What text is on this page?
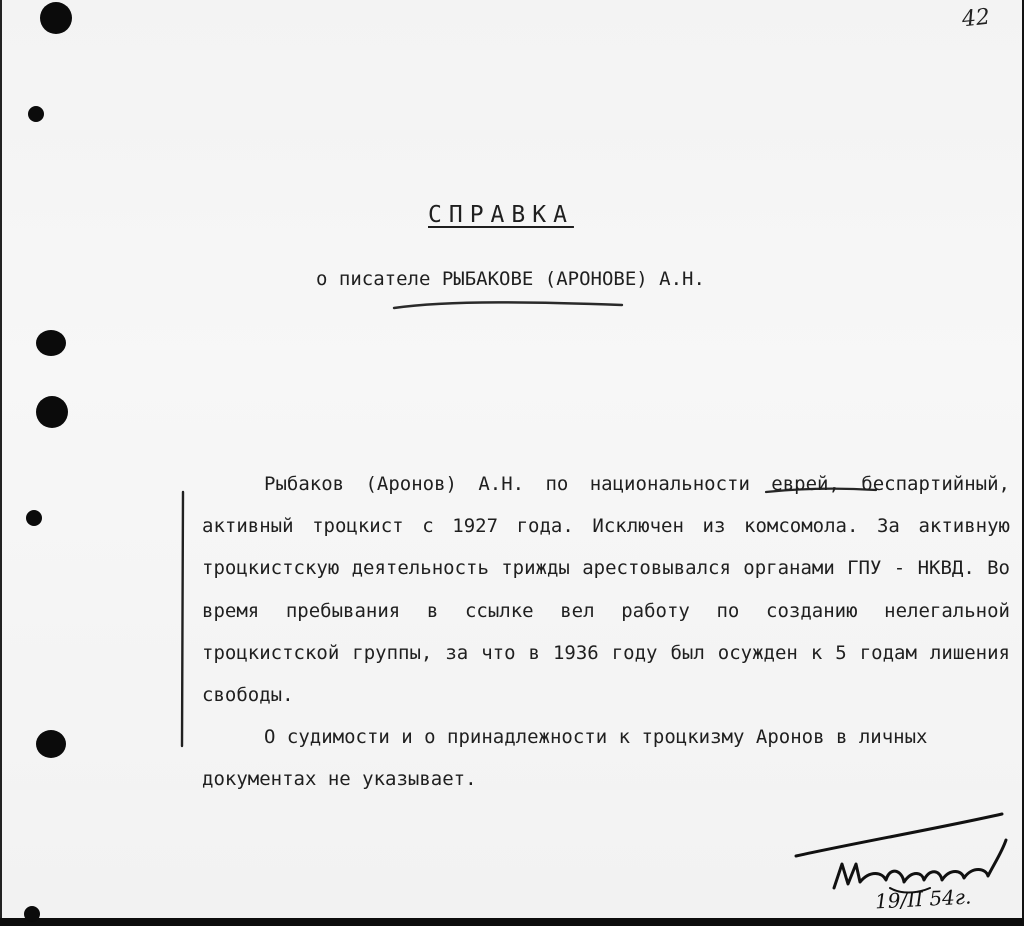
42
СПРАВКА
о писателе РЫБАКОВЕ (АРОНОВЕ) А.Н.

Рыбаков (Аронов) А.Н. по национальности еврей, беспартийный, активный троцкист с 1927 года. Исключен из комсомола. За активную троцкистскую деятельность трижды арестовывался органами ГПУ - НКВД. Во время пребывания в ссылке вел работу по созданию нелегальной троцкистской группы, за что в 1936 году был осужден к 5 годам лишения свободы.

О судимости и о принадлежности к троцкизму Аронов в личных документах не указывает.

19/II 54г.
